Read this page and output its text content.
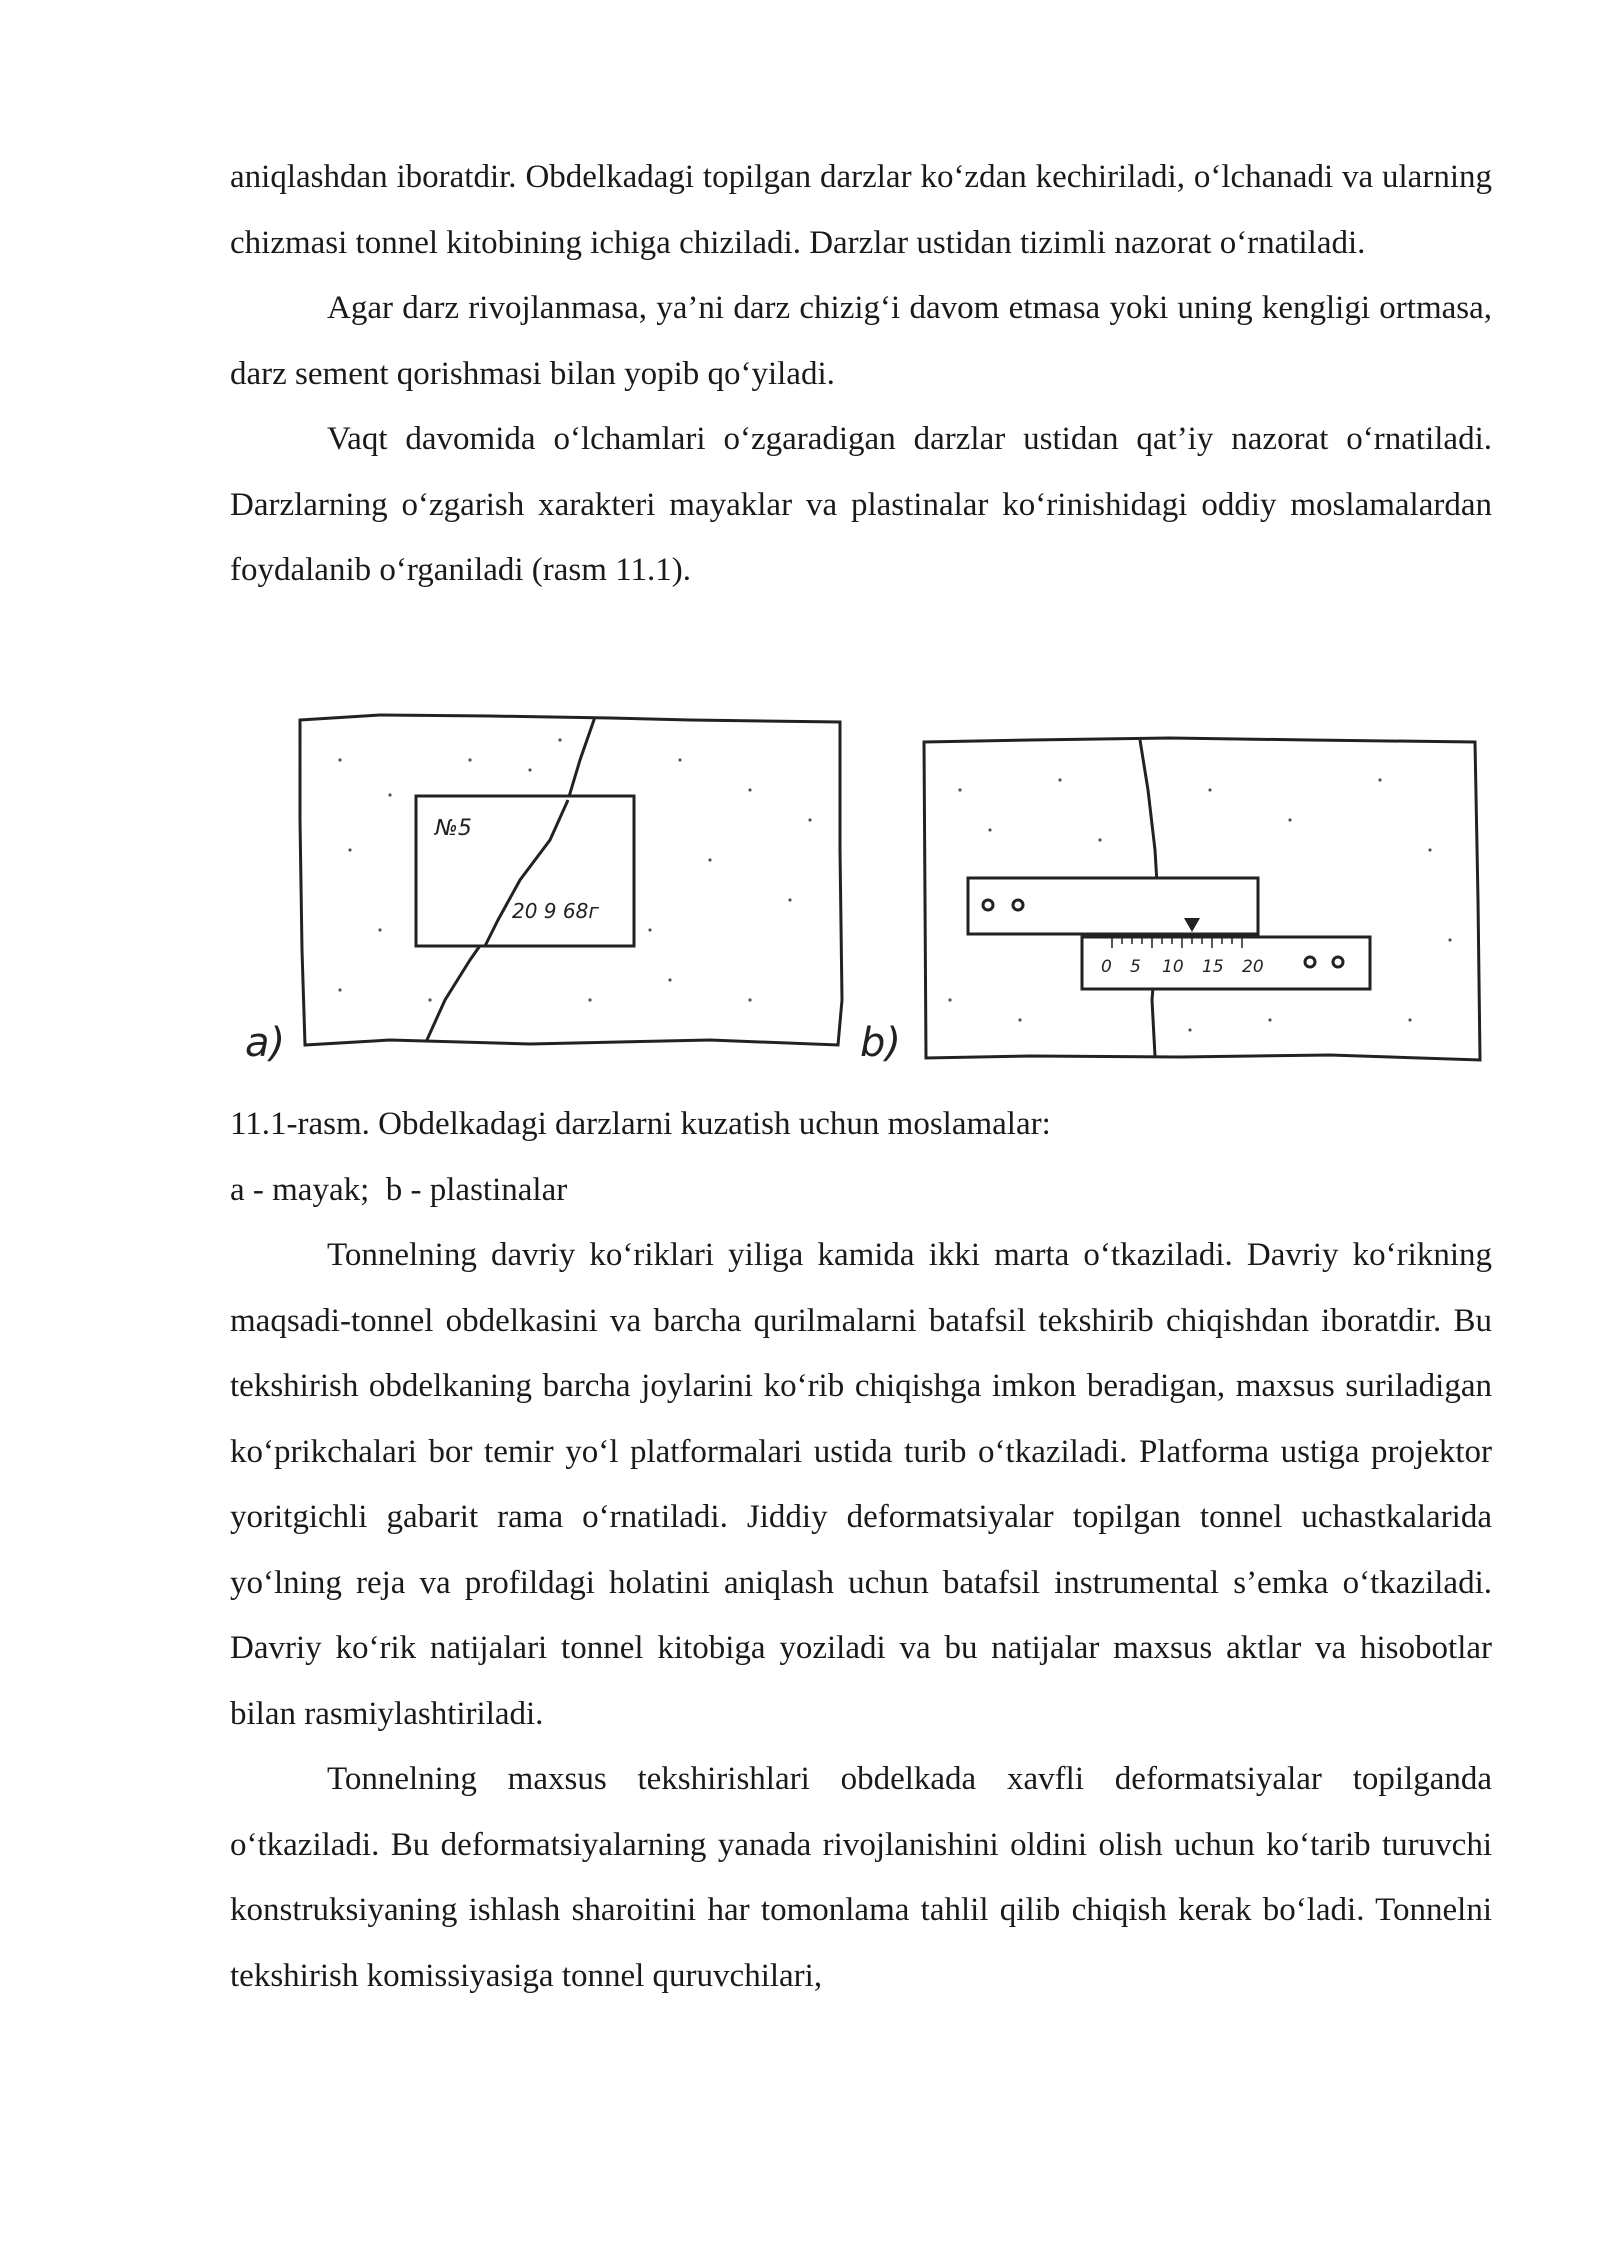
aniqlashdan iboratdir. Obdelkadagi topilgan darzlar ko‘zdan kechiriladi, o‘lchanadi va ularning chizmasi tonnel kitobining ichiga chiziladi. Darzlar ustidan tizimli nazorat o‘rnatiladi.

Agar darz rivojlanmasa, ya’ni darz chizig‘i davom etmasa yoki uning kengligi ortmasa, darz sement qorishmasi bilan yopib qo‘yiladi.

Vaqt davomida o‘lchamlari o‘zgaradigan darzlar ustidan qat’iy nazorat o‘rnatiladi. Darzlarning o‘zgarish xarakteri mayaklar va plastinalar ko‘rinishidagi oddiy moslamalardan foydalanib o‘rganiladi (rasm 11.1).

№5
20 9 68г
a)
0 5 10 15 20
b)

11.1-rasm. Obdelkadagi darzlarni kuzatish uchun moslamalar:

a - mayak;  b - plastinalar

Tonnelning davriy ko‘riklari yiliga kamida ikki marta o‘tkaziladi. Davriy ko‘rikning maqsadi-tonnel obdelkasini va barcha qurilmalarni batafsil tekshirib chiqishdan iboratdir. Bu tekshirish obdelkaning barcha joylarini ko‘rib chiqishga imkon beradigan, maxsus suriladigan ko‘prikchalari bor temir yo‘l platformalari ustida turib o‘tkaziladi. Platforma ustiga projektor yoritgichli gabarit rama o‘rnatiladi. Jiddiy deformatsiyalar topilgan tonnel uchastkalarida yo‘lning reja va profildagi holatini aniqlash uchun batafsil instrumental s’emka o‘tkaziladi. Davriy ko‘rik natijalari tonnel kitobiga yoziladi va bu natijalar maxsus aktlar va hisobotlar bilan rasmiylashtiriladi.

Tonnelning maxsus tekshirishlari obdelkada xavfli deformatsiyalar topilganda o‘tkaziladi. Bu deformatsiyalarning yanada rivojlanishini oldini olish uchun ko‘tarib turuvchi konstruksiyaning ishlash sharoitini har tomonlama tahlil qilib chiqish kerak bo‘ladi. Tonnelni tekshirish komissiyasiga tonnel quruvchilari,
